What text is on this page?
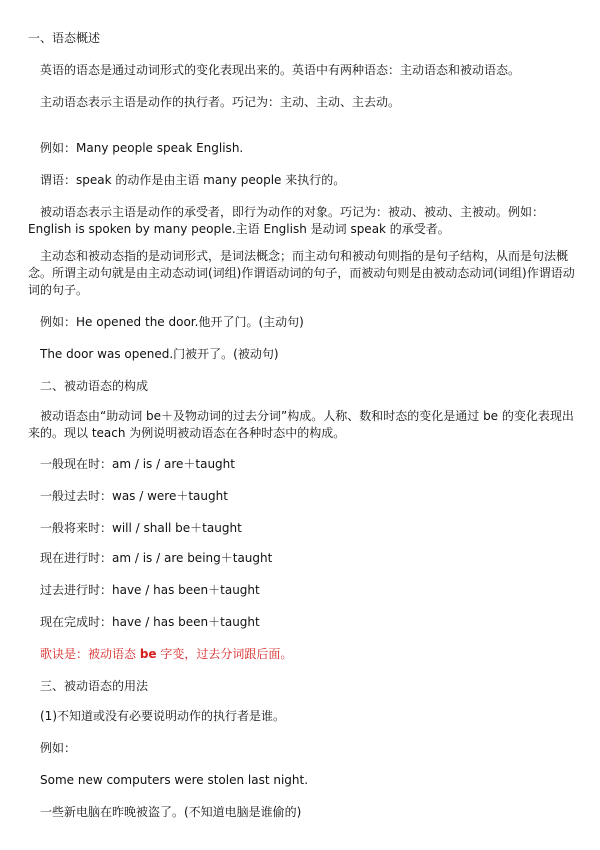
一、语态概述
英语的语态是通过动词形式的变化表现出来的。英语中有两种语态：主动语态和被动语态。
主动语态表示主语是动作的执行者。巧记为：主动、主动、主去动。
例如：Many people speak English.
谓语：speak 的动作是由主语 many people 来执行的。
被动语态表示主语是动作的承受者，即行为动作的对象。巧记为：被动、被动、主被动。例如：English is spoken by many people.主语 English 是动词 speak 的承受者。
主动态和被动态指的是动词形式，是词法概念；而主动句和被动句则指的是句子结构，从而是句法概念。所谓主动句就是由主动态动词(词组)作谓语动词的句子，而被动句则是由被动态动词(词组)作谓语动词的句子。
例如：He opened the door.他开了门。(主动句)
The door was opened.门被开了。(被动句)
二、被动语态的构成
被动语态由“助动词 be＋及物动词的过去分词”构成。人称、数和时态的变化是通过 be 的变化表现出来的。现以 teach 为例说明被动语态在各种时态中的构成。
一般现在时：am / is / are＋taught
一般过去时：was / were＋taught
一般将来时：will / shall be＋taught
现在进行时：am / is / are being＋taught
过去进行时：have / has been＋taught
现在完成时：have / has been＋taught
歌诀是：被动语态 be 字变，过去分词跟后面。
三、被动语态的用法
(1)不知道或没有必要说明动作的执行者是谁。
例如：
Some new computers were stolen last night.
一些新电脑在昨晚被盗了。(不知道电脑是谁偷的)
